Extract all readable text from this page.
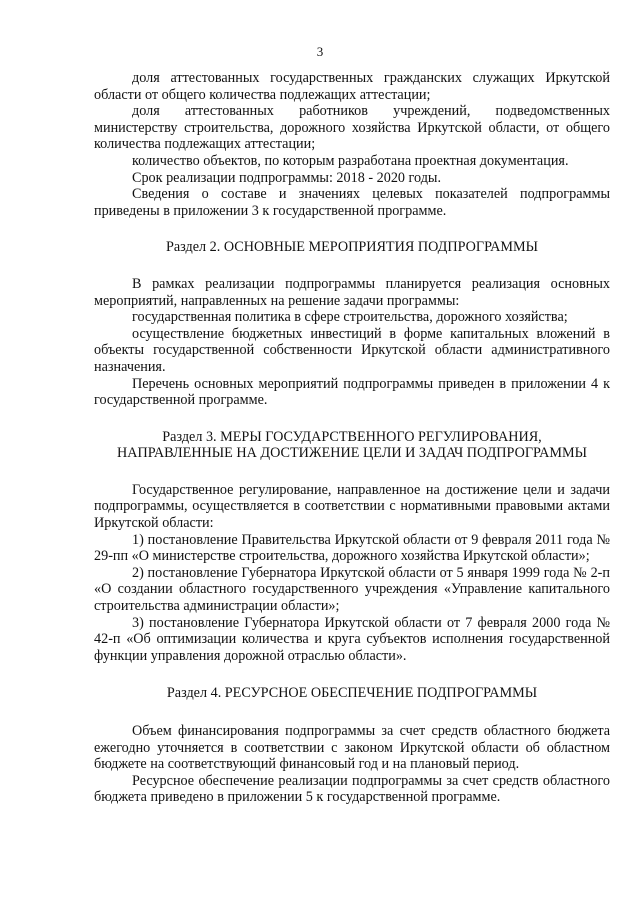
3

доля аттестованных государственных гражданских служащих Иркутской области от общего количества подлежащих аттестации;

доля аттестованных работников учреждений, подведомственных министерству строительства, дорожного хозяйства Иркутской области, от общего количества подлежащих аттестации;

количество объектов, по которым разработана проектная документация.

Срок реализации подпрограммы: 2018 - 2020 годы.

Сведения о составе и значениях целевых показателей подпрограммы приведены в приложении 3 к государственной программе.

Раздел 2. ОСНОВНЫЕ МЕРОПРИЯТИЯ ПОДПРОГРАММЫ

В рамках реализации подпрограммы планируется реализация основных мероприятий, направленных на решение задачи программы:

государственная политика в сфере строительства, дорожного хозяйства;

осуществление бюджетных инвестиций в форме капитальных вложений в объекты государственной собственности Иркутской области административного назначения.

Перечень основных мероприятий подпрограммы приведен в приложении 4 к государственной программе.

Раздел 3. МЕРЫ ГОСУДАРСТВЕННОГО РЕГУЛИРОВАНИЯ,
НАПРАВЛЕННЫЕ НА ДОСТИЖЕНИЕ ЦЕЛИ И ЗАДАЧ ПОДПРОГРАММЫ

Государственное регулирование, направленное на достижение цели и задачи подпрограммы, осуществляется в соответствии с нормативными правовыми актами Иркутской области:

1) постановление Правительства Иркутской области от 9 февраля 2011 года № 29-пп «О министерстве строительства, дорожного хозяйства Иркутской области»;

2) постановление Губернатора Иркутской области от 5 января 1999 года № 2-п «О создании областного государственного учреждения «Управление капитального строительства администрации области»;

3) постановление Губернатора Иркутской области от 7 февраля 2000 года № 42-п «Об оптимизации количества и круга субъектов исполнения государственной функции управления дорожной отраслью области».

Раздел 4. РЕСУРСНОЕ ОБЕСПЕЧЕНИЕ ПОДПРОГРАММЫ

Объем финансирования подпрограммы за счет средств областного бюджета ежегодно уточняется в соответствии с законом Иркутской области об областном бюджете на соответствующий финансовый год и на плановый период.

Ресурсное обеспечение реализации подпрограммы за счет средств областного бюджета приведено в приложении 5 к государственной программе.
